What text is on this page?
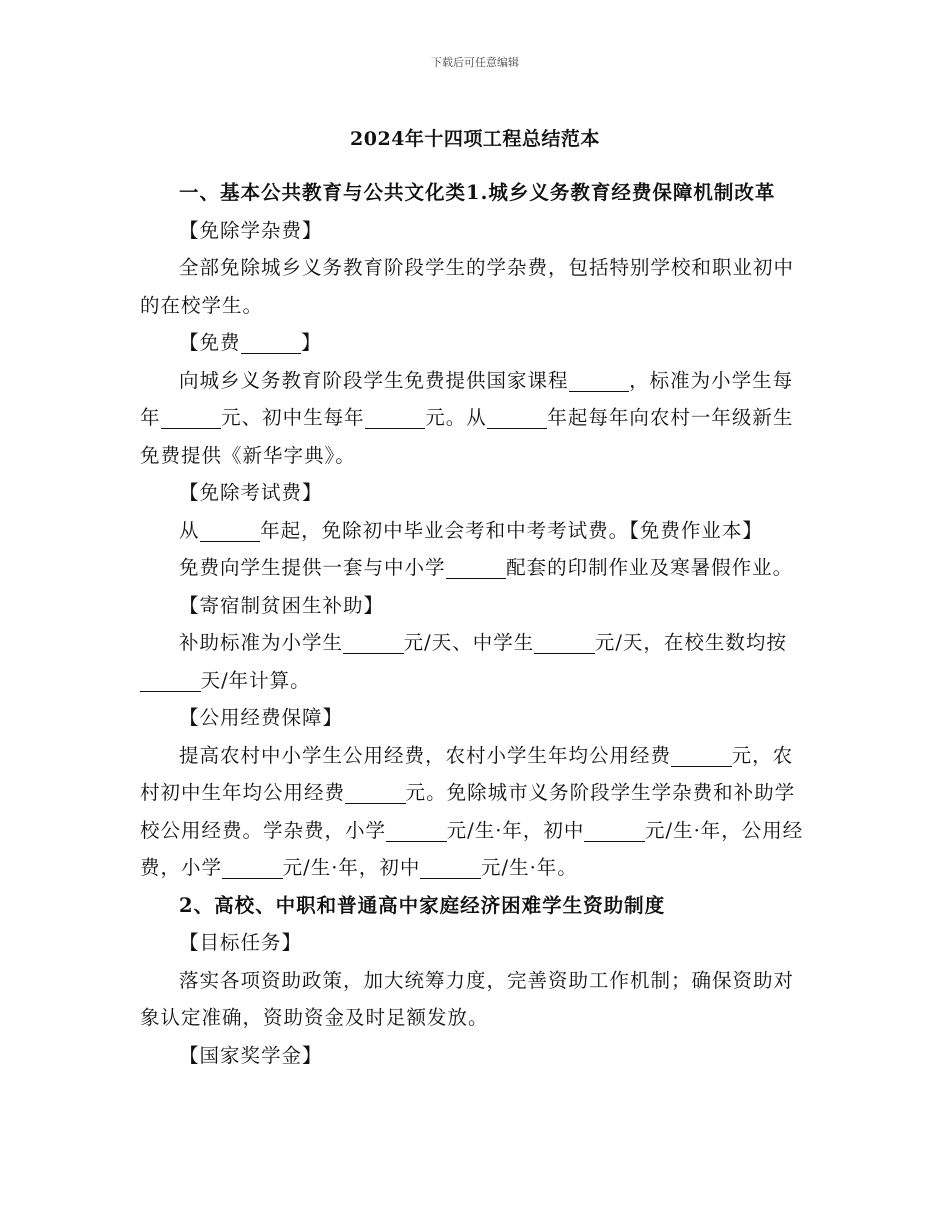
下载后可任意编辑
2024年十四项工程总结范本

一、基本公共教育与公共文化类1.城乡义务教育经费保障机制改革

【免除学杂费】

全部免除城乡义务教育阶段学生的学杂费，包括特别学校和职业初中的在校学生。

【免费	】

向城乡义务教育阶段学生免费提供国家课程	，标准为小学生每年	元、初中生每年	元。从	年起每年向农村一年级新生免费提供《新华字典》。

【免除考试费】

从	年起，免除初中毕业会考和中考考试费。【免费作业本】

免费向学生提供一套与中小学	配套的印制作业及寒暑假作业。

【寄宿制贫困生补助】

补助标准为小学生	元/天、中学生	元/天，在校生数均按   天/年计算。

【公用经费保障】

提高农村中小学生公用经费，农村小学生年均公用经费	元，农村初中生年均公用经费	元。免除城市义务阶段学生学杂费和补助学校公用经费。学杂费，小学	元/生·年，初中	元/生·年，公用经费，小学	元/生·年，初中	元/生·年。

2、高校、中职和普通高中家庭经济困难学生资助制度

【目标任务】

落实各项资助政策，加大统筹力度，完善资助工作机制；确保资助对象认定准确，资助资金及时足额发放。

【国家奖学金】
